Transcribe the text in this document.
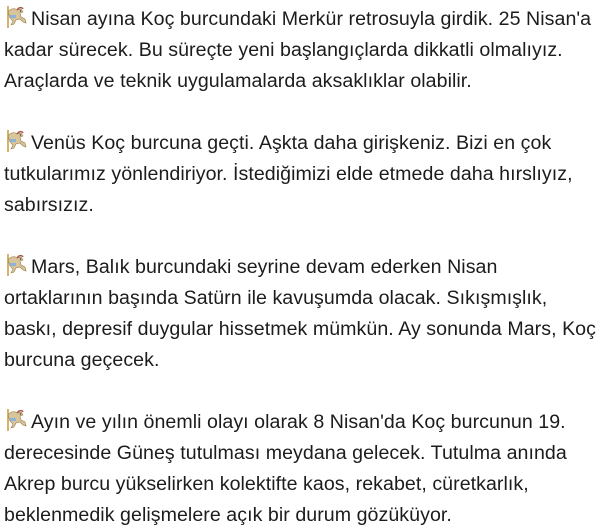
Nisan ayına Koç burcundaki Merkür retrosuyla girdik. 25 Nisan'a kadar sürecek. Bu süreçte yeni başlangıçlarda dikkatli olmalıyız. Araçlarda ve teknik uygulamalarda aksaklıklar olabilir.

Venüs Koç burcuna geçti. Aşkta daha girişkeniz. Bizi en çok tutkularımız yönlendiriyor. İstediğimizi elde etmede daha hırslıyız, sabırsızız.

Mars, Balık burcundaki seyrine devam ederken Nisan ortaklarının başında Satürn ile kavuşumda olacak. Sıkışmışlık, baskı, depresif duygular hissetmek mümkün. Ay sonunda Mars, Koç burcuna geçecek.

Ayın ve yılın önemli olayı olarak 8 Nisan'da Koç burcunun 19. derecesinde Güneş tutulması meydana gelecek. Tutulma anında Akrep burcu yükselirken kolektifte kaos, rekabet, cüretkarlık, beklenmedik gelişmelere açık bir durum gözüküyor.
